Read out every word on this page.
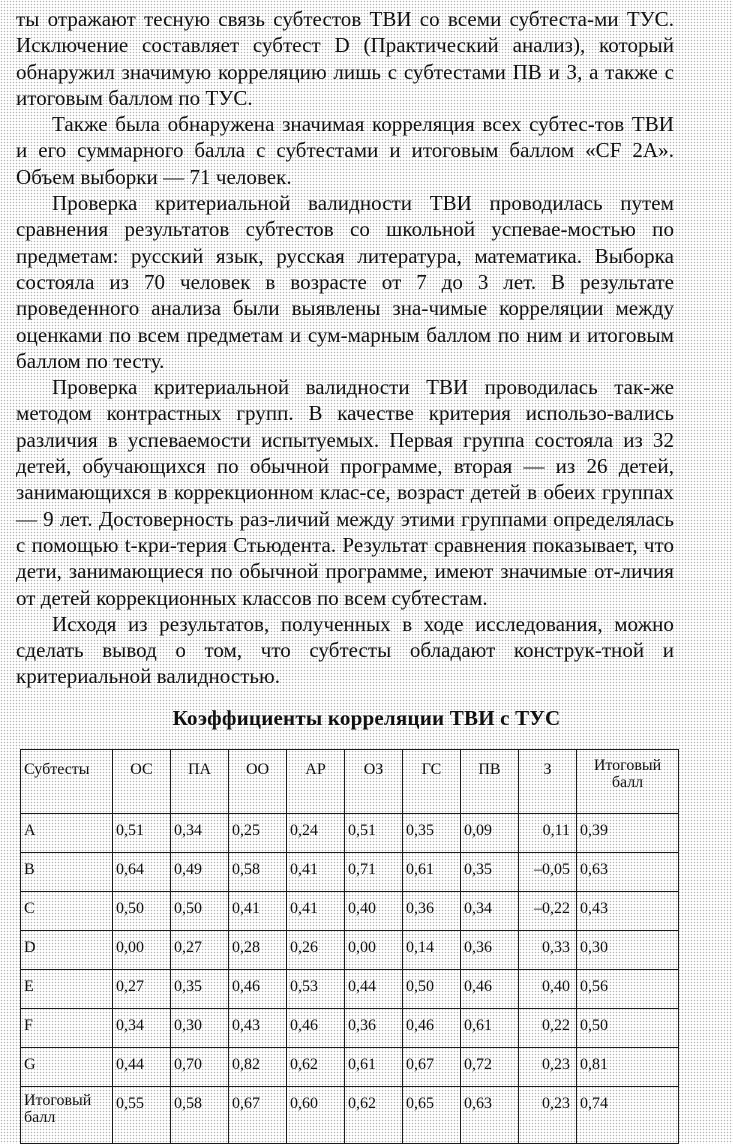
ты отражают тесную связь субтестов ТВИ со всеми субтеста-ми ТУС. Исключение составляет субтест D (Практический анализ), который обнаружил значимую корреляцию лишь с субтестами ПВ и З, а также с итоговым баллом по ТУС.

Также была обнаружена значимая корреляция всех субтес-тов ТВИ и его суммарного балла с субтестами и итоговым баллом «CF 2A». Объем выборки — 71 человек.

Проверка критериальной валидности ТВИ проводилась путем сравнения результатов субтестов со школьной успевае-мостью по предметам: русский язык, русская литература, математика. Выборка состояла из 70 человек в возрасте от 7 до 3 лет. В результате проведенного анализа были выявлены зна-чимые корреляции между оценками по всем предметам и сум-марным баллом по ним и итоговым баллом по тесту.

Проверка критериальной валидности ТВИ проводилась так-же методом контрастных групп. В качестве критерия использо-вались различия в успеваемости испытуемых. Первая группа состояла из 32 детей, обучающихся по обычной программе, вторая — из 26 детей, занимающихся в коррекционном клас-се, возраст детей в обеих группах — 9 лет. Достоверность раз-личий между этими группами определялась с помощью t-кри-терия Стьюдента. Результат сравнения показывает, что дети, занимающиеся по обычной программе, имеют значимые от-личия от детей коррекционных классов по всем субтестам.

Исходя из результатов, полученных в ходе исследования, можно сделать вывод о том, что субтесты обладают конструк-тной и критериальной валидностью.

Коэффициенты корреляции ТВИ с ТУС
Субтесты	ОС	ПА	ОО	АР	ОЗ	ГС	ПВ	З	Итоговый балл
A	0,51	0,34	0,25	0,24	0,51	0,35	0,09	0,11	0,39
B	0,64	0,49	0,58	0,41	0,71	0,61	0,35	–0,05	0,63
C	0,50	0,50	0,41	0,41	0,40	0,36	0,34	–0,22	0,43
D	0,00	0,27	0,28	0,26	0,00	0,14	0,36	0,33	0,30
E	0,27	0,35	0,46	0,53	0,44	0,50	0,46	0,40	0,56
F	0,34	0,30	0,43	0,46	0,36	0,46	0,61	0,22	0,50
G	0,44	0,70	0,82	0,62	0,61	0,67	0,72	0,23	0,81
Итоговый балл	0,55	0,58	0,67	0,60	0,62	0,65	0,63	0,23	0,74
